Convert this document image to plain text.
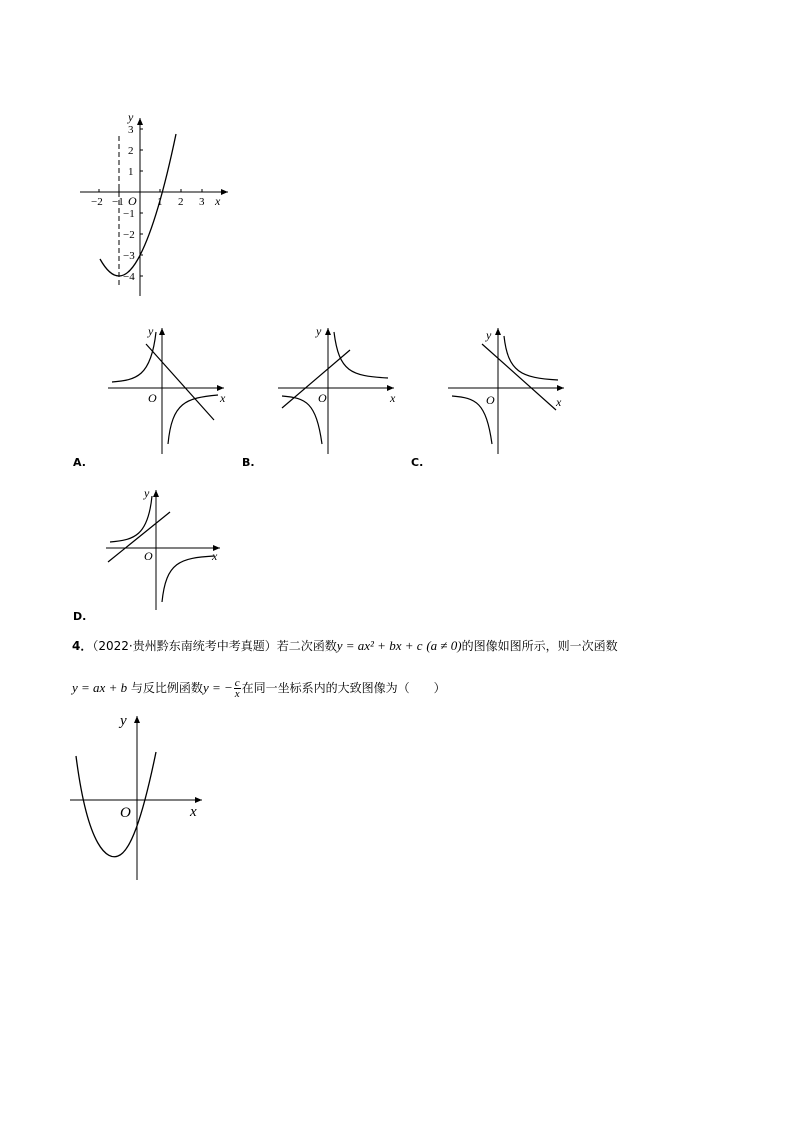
y
x
−2 −1 O 1 2 3
3
2
1
−1
−2
−3
−4
y
x
O
A.
y
x
O
B.
y
x
O
C.
y
x
O
D.
4．（2022·贵州黔东南统考中考真题）若二次函数y = ax² + bx + c (a ≠ 0)的图像如图所示，则一次函数
y = ax + b 与反比例函数y = − $\frac{c}{x}$ 在同一坐标系内的大致图像为（　　）
y
x
O
